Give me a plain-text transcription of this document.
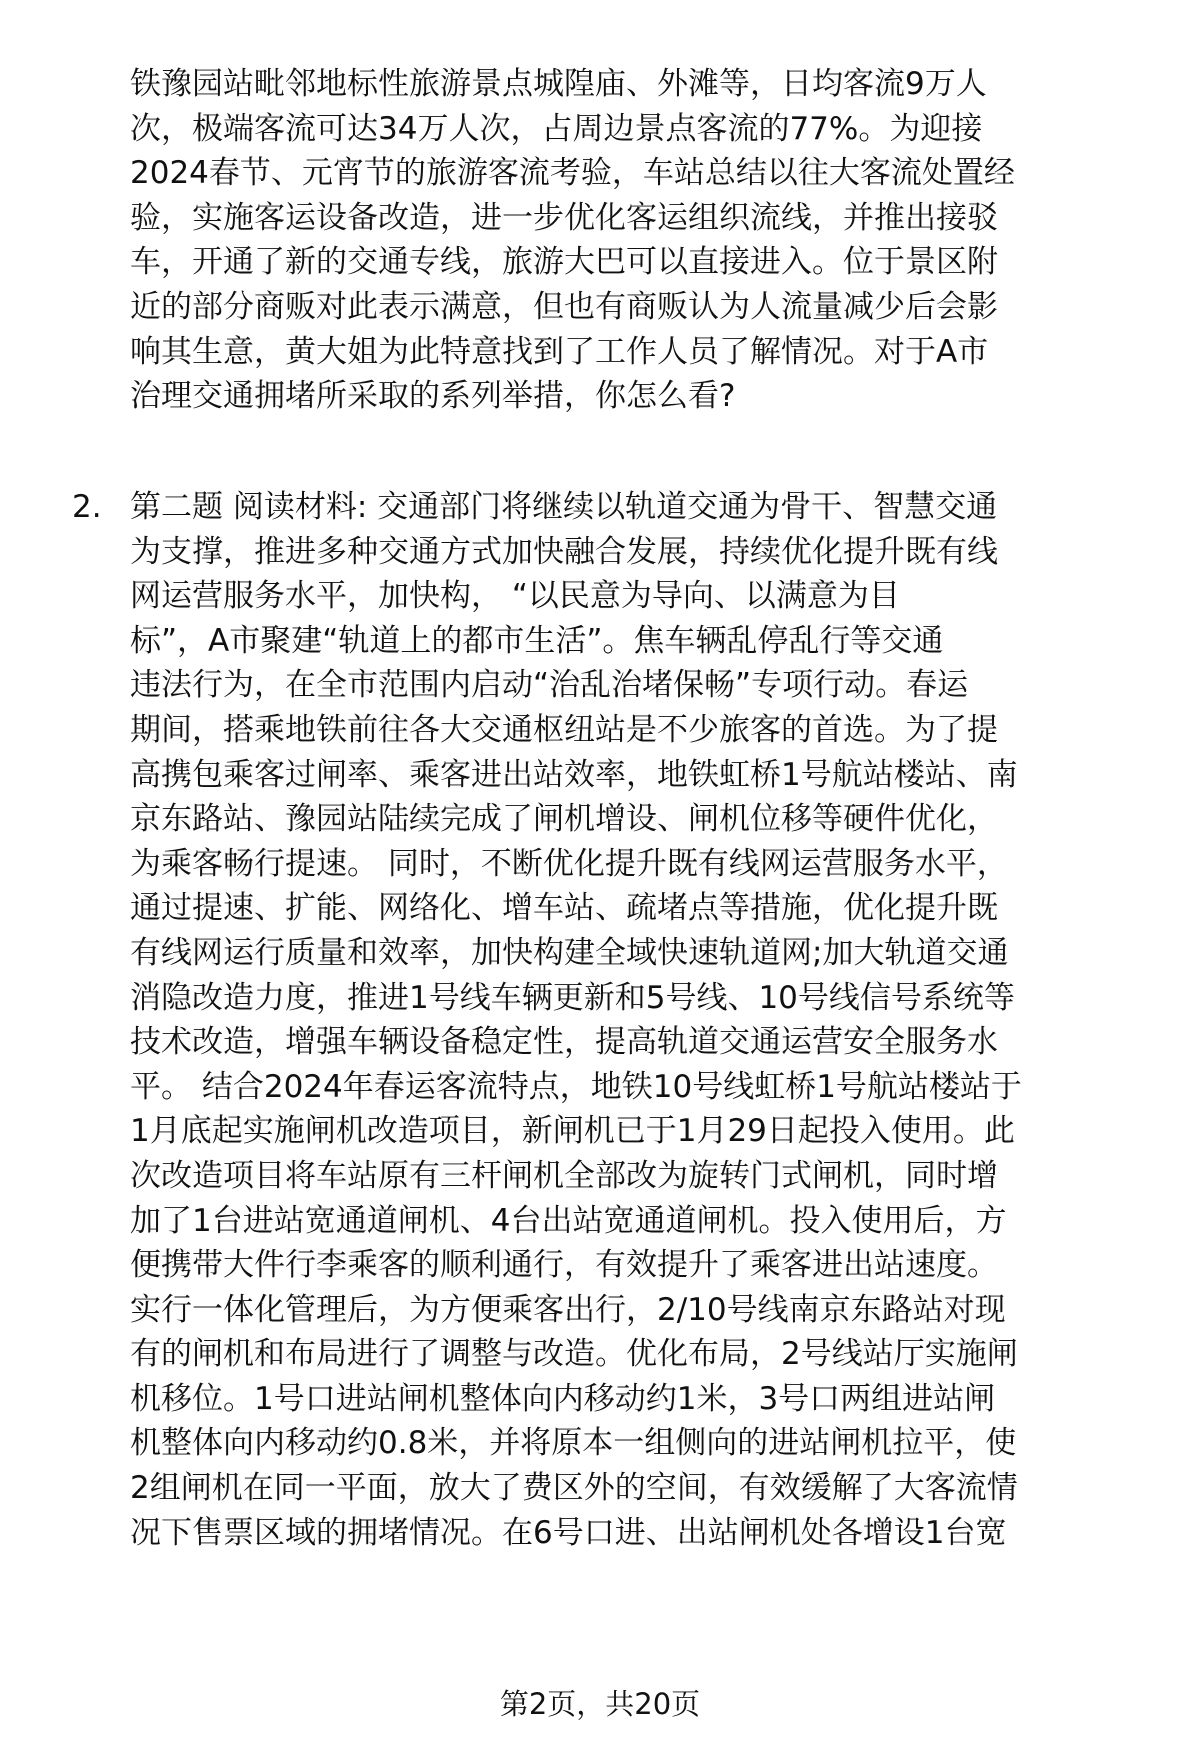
铁豫园站毗邻地标性旅游景点城隍庙、外滩等，日均客流9万人
次，极端客流可达34万人次，占周边景点客流的77%。为迎接
2024春节、元宵节的旅游客流考验，车站总结以往大客流处置经
验，实施客运设备改造，进一步优化客运组织流线，并推出接驳
车，开通了新的交通专线，旅游大巴可以直接进入。位于景区附
近的部分商贩对此表示满意，但也有商贩认为人流量减少后会影
响其生意，黄大姐为此特意找到了工作人员了解情况。对于A市
治理交通拥堵所采取的系列举措，你怎么看?
2. 第二题 阅读材料: 交通部门将继续以轨道交通为骨干、智慧交通
为支撑，推进多种交通方式加快融合发展，持续优化提升既有线
网运营服务水平，加快构， “以民意为导向、以满意为目
标”，A市聚建“轨道上的都市生活”。焦车辆乱停乱行等交通
违法行为，在全市范围内启动“治乱治堵保畅”专项行动。春运
期间，搭乘地铁前往各大交通枢纽站是不少旅客的首选。为了提
高携包乘客过闸率、乘客进出站效率，地铁虹桥1号航站楼站、南
京东路站、豫园站陆续完成了闸机增设、闸机位移等硬件优化，
为乘客畅行提速。 同时，不断优化提升既有线网运营服务水平，
通过提速、扩能、网络化、增车站、疏堵点等措施，优化提升既
有线网运行质量和效率，加快构建全域快速轨道网;加大轨道交通
消隐改造力度，推进1号线车辆更新和5号线、10号线信号系统等
技术改造，增强车辆设备稳定性，提高轨道交通运营安全服务水
平。 结合2024年春运客流特点，地铁10号线虹桥1号航站楼站于
1月底起实施闸机改造项目，新闸机已于1月29日起投入使用。此
次改造项目将车站原有三杆闸机全部改为旋转门式闸机，同时增
加了1台进站宽通道闸机、4台出站宽通道闸机。投入使用后，方
便携带大件行李乘客的顺利通行，有效提升了乘客进出站速度。
实行一体化管理后，为方便乘客出行，2/10号线南京东路站对现
有的闸机和布局进行了调整与改造。优化布局，2号线站厅实施闸
机移位。1号口进站闸机整体向内移动约1米，3号口两组进站闸
机整体向内移动约0.8米，并将原本一组侧向的进站闸机拉平，使
2组闸机在同一平面，放大了费区外的空间，有效缓解了大客流情
况下售票区域的拥堵情况。在6号口进、出站闸机处各增设1台宽
第2页，共20页
